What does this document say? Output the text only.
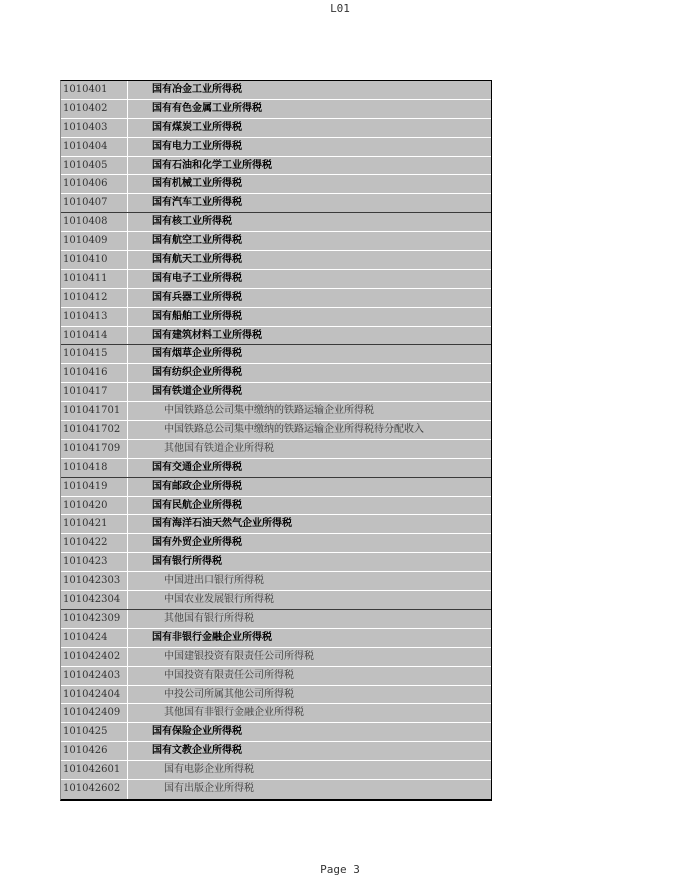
L01
1010401	国有冶金工业所得税
1010402	国有有色金属工业所得税
1010403	国有煤炭工业所得税
1010404	国有电力工业所得税
1010405	国有石油和化学工业所得税
1010406	国有机械工业所得税
1010407	国有汽车工业所得税
1010408	国有核工业所得税
1010409	国有航空工业所得税
1010410	国有航天工业所得税
1010411	国有电子工业所得税
1010412	国有兵器工业所得税
1010413	国有船舶工业所得税
1010414	国有建筑材料工业所得税
1010415	国有烟草企业所得税
1010416	国有纺织企业所得税
1010417	国有铁道企业所得税
101041701	中国铁路总公司集中缴纳的铁路运输企业所得税
101041702	中国铁路总公司集中缴纳的铁路运输企业所得税待分配收入
101041709	其他国有铁道企业所得税
1010418	国有交通企业所得税
1010419	国有邮政企业所得税
1010420	国有民航企业所得税
1010421	国有海洋石油天然气企业所得税
1010422	国有外贸企业所得税
1010423	国有银行所得税
101042303	中国进出口银行所得税
101042304	中国农业发展银行所得税
101042309	其他国有银行所得税
1010424	国有非银行金融企业所得税
101042402	中国建银投资有限责任公司所得税
101042403	中国投资有限责任公司所得税
101042404	中投公司所属其他公司所得税
101042409	其他国有非银行金融企业所得税
1010425	国有保险企业所得税
1010426	国有文教企业所得税
101042601	国有电影企业所得税
101042602	国有出版企业所得税
Page 3
